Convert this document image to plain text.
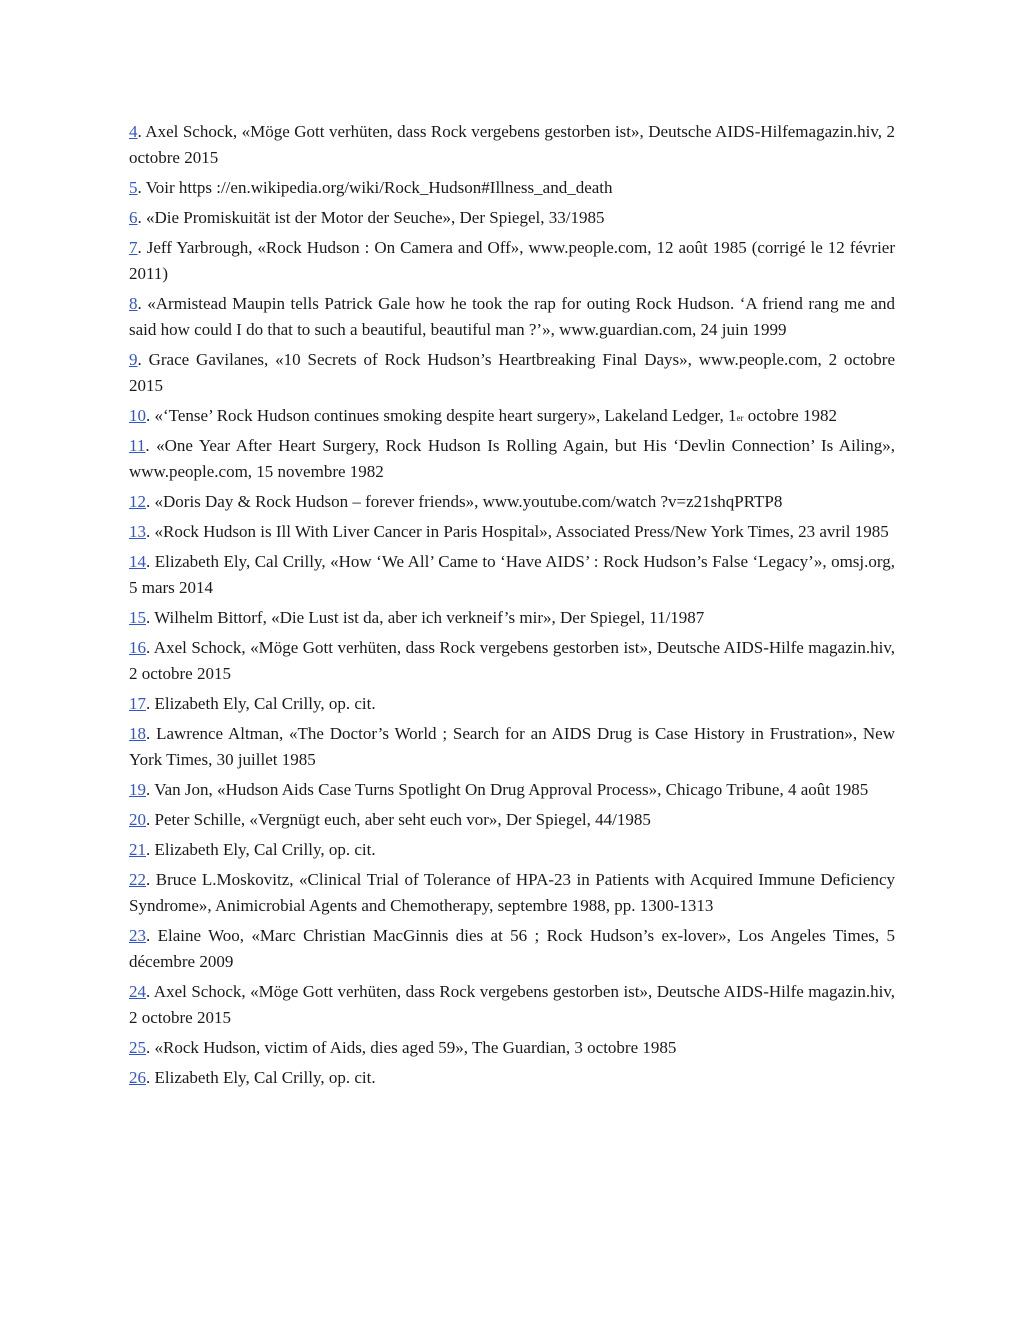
4. Axel Schock, «Möge Gott verhüten, dass Rock vergebens gestorben ist», Deutsche AIDS-Hilfemagazin.hiv, 2 octobre 2015

5. Voir https ://en.wikipedia.org/wiki/Rock_Hudson#Illness_and_death

6. «Die Promiskuität ist der Motor der Seuche», Der Spiegel, 33/1985

7. Jeff Yarbrough, «Rock Hudson : On Camera and Off», www.people.com, 12 août 1985 (corrigé le 12 février 2011)

8. «Armistead Maupin tells Patrick Gale how he took the rap for outing Rock Hudson. ‘A friend rang me and said how could I do that to such a beautiful, beautiful man ?’», www.guardian.com, 24 juin 1999

9. Grace Gavilanes, «10 Secrets of Rock Hudson’s Heartbreaking Final Days», www.people.com, 2 octobre 2015

10. «‘Tense’ Rock Hudson continues smoking despite heart surgery», Lakeland Ledger, 1er octobre 1982

11. «One Year After Heart Surgery, Rock Hudson Is Rolling Again, but His ‘Devlin Connection’ Is Ailing», www.people.com, 15 novembre 1982

12. «Doris Day & Rock Hudson – forever friends», www.youtube.com/watch ?v=z21shqPRTP8

13. «Rock Hudson is Ill With Liver Cancer in Paris Hospital», Associated Press/New York Times, 23 avril 1985

14. Elizabeth Ely, Cal Crilly, «How ‘We All’ Came to ‘Have AIDS’ : Rock Hudson’s False ‘Legacy’», omsj.org, 5 mars 2014

15. Wilhelm Bittorf, «Die Lust ist da, aber ich verkneif’s mir», Der Spiegel, 11/1987

16. Axel Schock, «Möge Gott verhüten, dass Rock vergebens gestorben ist», Deutsche AIDS-Hilfe magazin.hiv, 2 octobre 2015

17. Elizabeth Ely, Cal Crilly, op. cit.

18. Lawrence Altman, «The Doctor’s World ; Search for an AIDS Drug is Case History in Frustration», New York Times, 30 juillet 1985

19. Van Jon, «Hudson Aids Case Turns Spotlight On Drug Approval Process», Chicago Tribune, 4 août 1985

20. Peter Schille, «Vergnügt euch, aber seht euch vor», Der Spiegel, 44/1985

21. Elizabeth Ely, Cal Crilly, op. cit.

22. Bruce L.Moskovitz, «Clinical Trial of Tolerance of HPA-23 in Patients with Acquired Immune Deficiency Syndrome», Animicrobial Agents and Chemotherapy, septembre 1988, pp. 1300-1313

23. Elaine Woo, «Marc Christian MacGinnis dies at 56 ; Rock Hudson’s ex-lover», Los Angeles Times, 5 décembre 2009

24. Axel Schock, «Möge Gott verhüten, dass Rock vergebens gestorben ist», Deutsche AIDS-Hilfe magazin.hiv, 2 octobre 2015

25. «Rock Hudson, victim of Aids, dies aged 59», The Guardian, 3 octobre 1985

26. Elizabeth Ely, Cal Crilly, op. cit.
